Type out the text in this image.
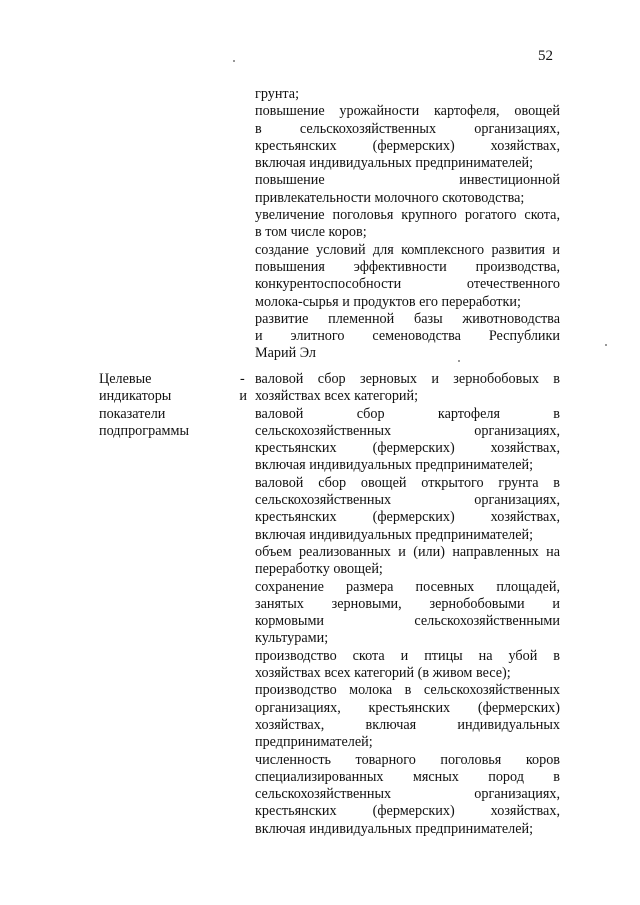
52

грунта;

повышение урожайности картофеля, овощей

в сельскохозяйственных организациях,

крестьянских (фермерских) хозяйствах,

включая индивидуальных предпринимателей;

повышение инвестиционной

привлекательности молочного скотоводства;

увеличение поголовья крупного рогатого скота,

в том числе коров;

создание условий для комплексного развития и

повышения эффективности производства,

конкурентоспособности отечественного

молока-сырья и продуктов его переработки;

развитие племенной базы животноводства

и элитного семеноводства Республики

Марий Эл

Целевые

индикаторы и

показатели

подпрограммы

- валовой сбор зерновых и зернобобовых в

хозяйствах всех категорий;

валовой сбор картофеля в

сельскохозяйственных организациях,

крестьянских (фермерских) хозяйствах,

включая индивидуальных предпринимателей;

валовой сбор овощей открытого грунта в

сельскохозяйственных организациях,

крестьянских (фермерских) хозяйствах,

включая индивидуальных предпринимателей;

объем реализованных и (или) направленных на

переработку овощей;

сохранение размера посевных площадей,

занятых зерновыми, зернобобовыми и

кормовыми сельскохозяйственными

культурами;

производство скота и птицы на убой в

хозяйствах всех категорий (в живом весе);

производство молока в сельскохозяйственных

организациях, крестьянских (фермерских)

хозяйствах, включая индивидуальных

предпринимателей;

численность товарного поголовья коров

специализированных мясных пород в

сельскохозяйственных организациях,

крестьянских (фермерских) хозяйствах,

включая индивидуальных предпринимателей;
